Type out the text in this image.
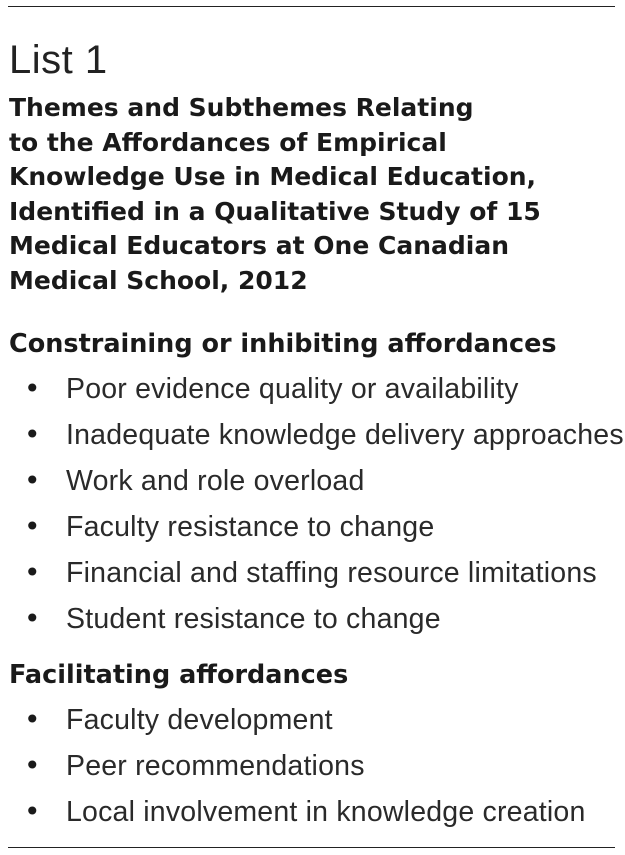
List 1
Themes and Subthemes Relating
to the Affordances of Empirical
Knowledge Use in Medical Education,
Identified in a Qualitative Study of 15
Medical Educators at One Canadian
Medical School, 2012
Constraining or inhibiting affordances
• Poor evidence quality or availability
• Inadequate knowledge delivery approaches
• Work and role overload
• Faculty resistance to change
• Financial and staffing resource limitations
• Student resistance to change
Facilitating affordances
• Faculty development
• Peer recommendations
• Local involvement in knowledge creation
